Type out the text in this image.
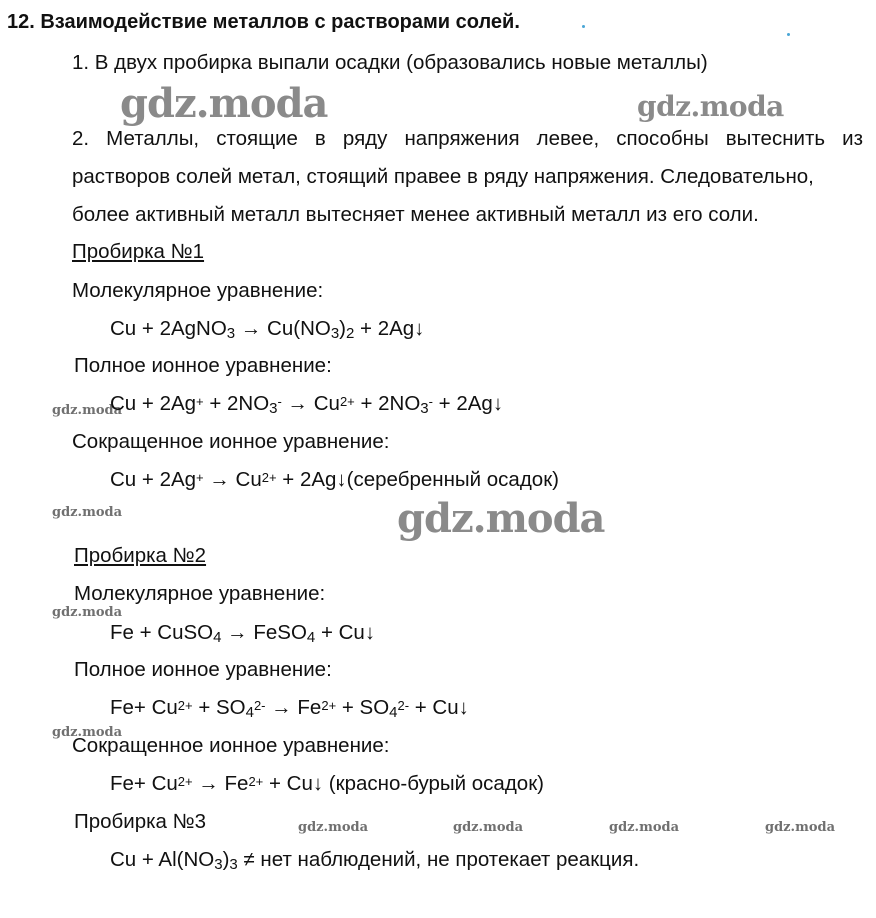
12. Взаимодействие металлов с растворами солей.
1. В двух пробирка выпали осадки (образовались новые металлы)
gdz.moda	gdz.moda
2. Металлы, стоящие в ряду напряжения левее, способны вытеснить из
растворов солей метал, стоящий правее в ряду напряжения. Следовательно,
более активный металл вытесняет менее активный металл из его соли.
Пробирка №1
Молекулярное уравнение:
Cu + 2AgNO$_3$ → $Cu(NO_3)_2$ + 2Ag↓
Полное ионное уравнение:
gdz.moda
$Cu + 2Ag^+ + 2NO_3^- \to Cu^{2+} + 2NO_3^-$ + 2Ag↓
Сокращенное ионное уравнение:
$Cu + 2Ag^+ \to Cu^{2+}$ + 2Ag↓(серебренный осадок)
gdz.moda	gdz.moda
Пробирка №2
Молекулярное уравнение:
gdz.moda
Fe + CuSO$_4$ → FeSO$_4$ + Cu↓
Полное ионное уравнение:
$Fe+ Cu^{2+} + SO_4^{2-} \to Fe^{2+} + SO_4^{2-}$ + Cu↓
gdz.moda
Сокращенное ионное уравнение:
$Fe+ Cu^{2+} \to Fe^{2+}$ + Cu↓ (красно-бурый осадок)
Пробирка №3	gdz.moda	gdz.moda	gdz.moda	gdz.moda
$Cu + Al(NO_3)_3$ ≠ нет наблюдений, не протекает реакция.
